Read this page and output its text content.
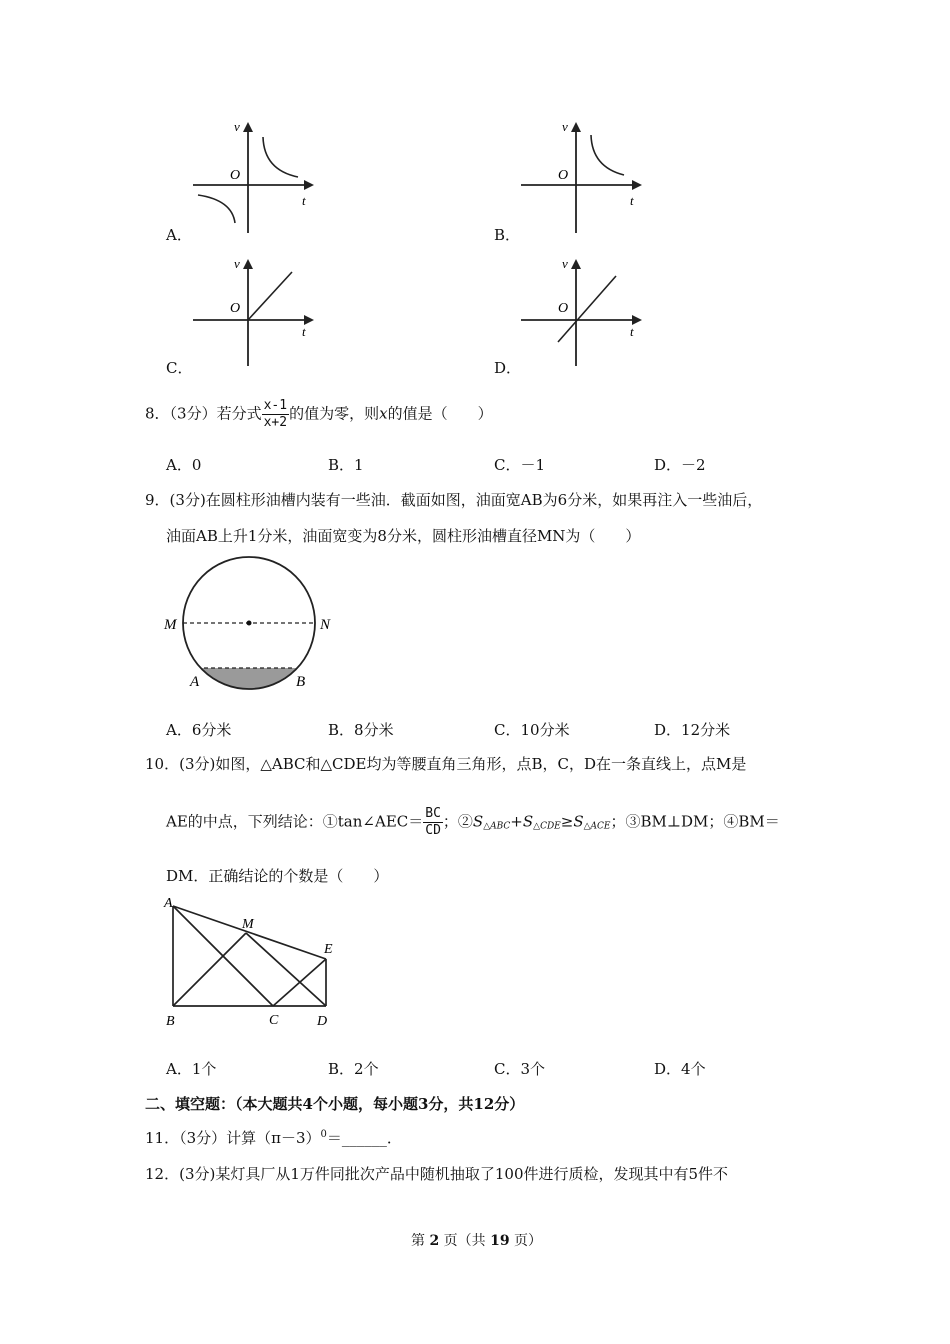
v
O
t
A．
v
O
t
B．
v
O
t
C．
v
O
t
D．
8．（3分）若分式 $\frac{x-1}{x+2}$ 的值为零，则x的值是（　　）
A．0	B．1	C．－1	D．－2
9．(3分)在圆柱形油槽内装有一些油．截面如图，油面宽AB为6分米，如果再注入一些油后，
油面AB上升1分米，油面宽变为8分米，圆柱形油槽直径MN为（　　）
M	N
A	B
A．6分米	B．8分米	C．10分米	D．12分米
10．(3分)如图，△ABC和△CDE均为等腰直角三角形，点B，C，D在一条直线上，点M是
AE的中点，下列结论：①tan∠AEC＝ $\frac{BC}{CD}$ ；$②S_{\triangle ABC}+S_{\triangle CDE}\ge S_{\triangle ACE}$；③BM⊥DM；④BM＝
DM．正确结论的个数是（　　）
A
M
E
B	C	D
A．1个	B．2个	C．3个	D．4个
二、填空题：（本大题共4个小题，每小题3分，共12分）
11．（3分）计算$(\pi-3)^0=\_\_\_\_\_\_$．
12．(3分)某灯具厂从1万件同批次产品中随机抽取了100件进行质检，发现其中有5件不
第 2 页（共 19 页）
